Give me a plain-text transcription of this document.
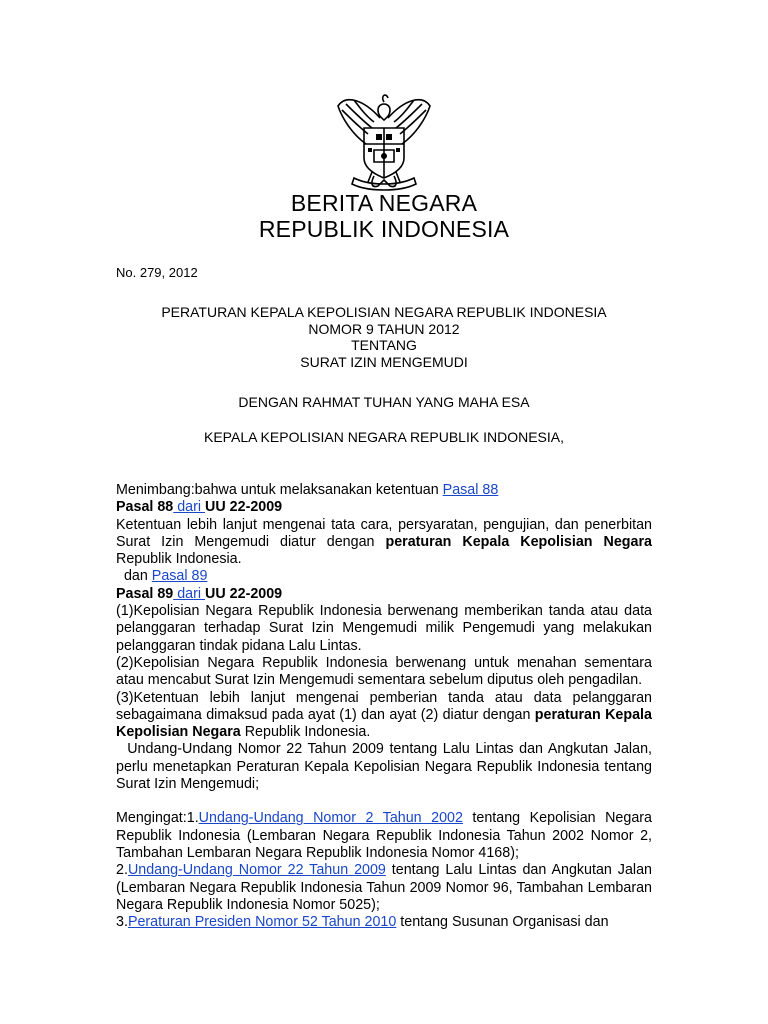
BERITA NEGARA
REPUBLIK INDONESIA
No. 279, 2012
PERATURAN KEPALA KEPOLISIAN NEGARA REPUBLIK INDONESIA
NOMOR 9 TAHUN 2012
TENTANG
SURAT IZIN MENGEMUDI
DENGAN RAHMAT TUHAN YANG MAHA ESA
KEPALA KEPOLISIAN NEGARA REPUBLIK INDONESIA,

Menimbang:bahwa untuk melaksanakan ketentuan Pasal 88

Pasal 88 dari UU 22-2009

Ketentuan lebih lanjut mengenai tata cara, persyaratan, pengujian, dan penerbitan Surat Izin Mengemudi diatur dengan peraturan Kepala Kepolisian Negara Republik Indonesia.

dan Pasal 89

Pasal 89 dari UU 22-2009

(1)Kepolisian Negara Republik Indonesia berwenang memberikan tanda atau data pelanggaran terhadap Surat Izin Mengemudi milik Pengemudi yang melakukan pelanggaran tindak pidana Lalu Lintas.

(2)Kepolisian Negara Republik Indonesia berwenang untuk menahan sementara atau mencabut Surat Izin Mengemudi sementara sebelum diputus oleh pengadilan.

(3)Ketentuan lebih lanjut mengenai pemberian tanda atau data pelanggaran sebagaimana dimaksud pada ayat (1) dan ayat (2) diatur dengan peraturan Kepala Kepolisian Negara Republik Indonesia.

Undang-Undang Nomor 22 Tahun 2009 tentang Lalu Lintas dan Angkutan Jalan, perlu menetapkan Peraturan Kepala Kepolisian Negara Republik Indonesia tentang Surat Izin Mengemudi;

Mengingat:1.Undang-Undang Nomor 2 Tahun 2002 tentang Kepolisian Negara Republik Indonesia (Lembaran Negara Republik Indonesia Tahun 2002 Nomor 2, Tambahan Lembaran Negara Republik Indonesia Nomor 4168);

2.Undang-Undang Nomor 22 Tahun 2009 tentang Lalu Lintas dan Angkutan Jalan (Lembaran Negara Republik Indonesia Tahun 2009 Nomor 96, Tambahan Lembaran Negara Republik Indonesia Nomor 5025);

3.Peraturan Presiden Nomor 52 Tahun 2010 tentang Susunan Organisasi dan
